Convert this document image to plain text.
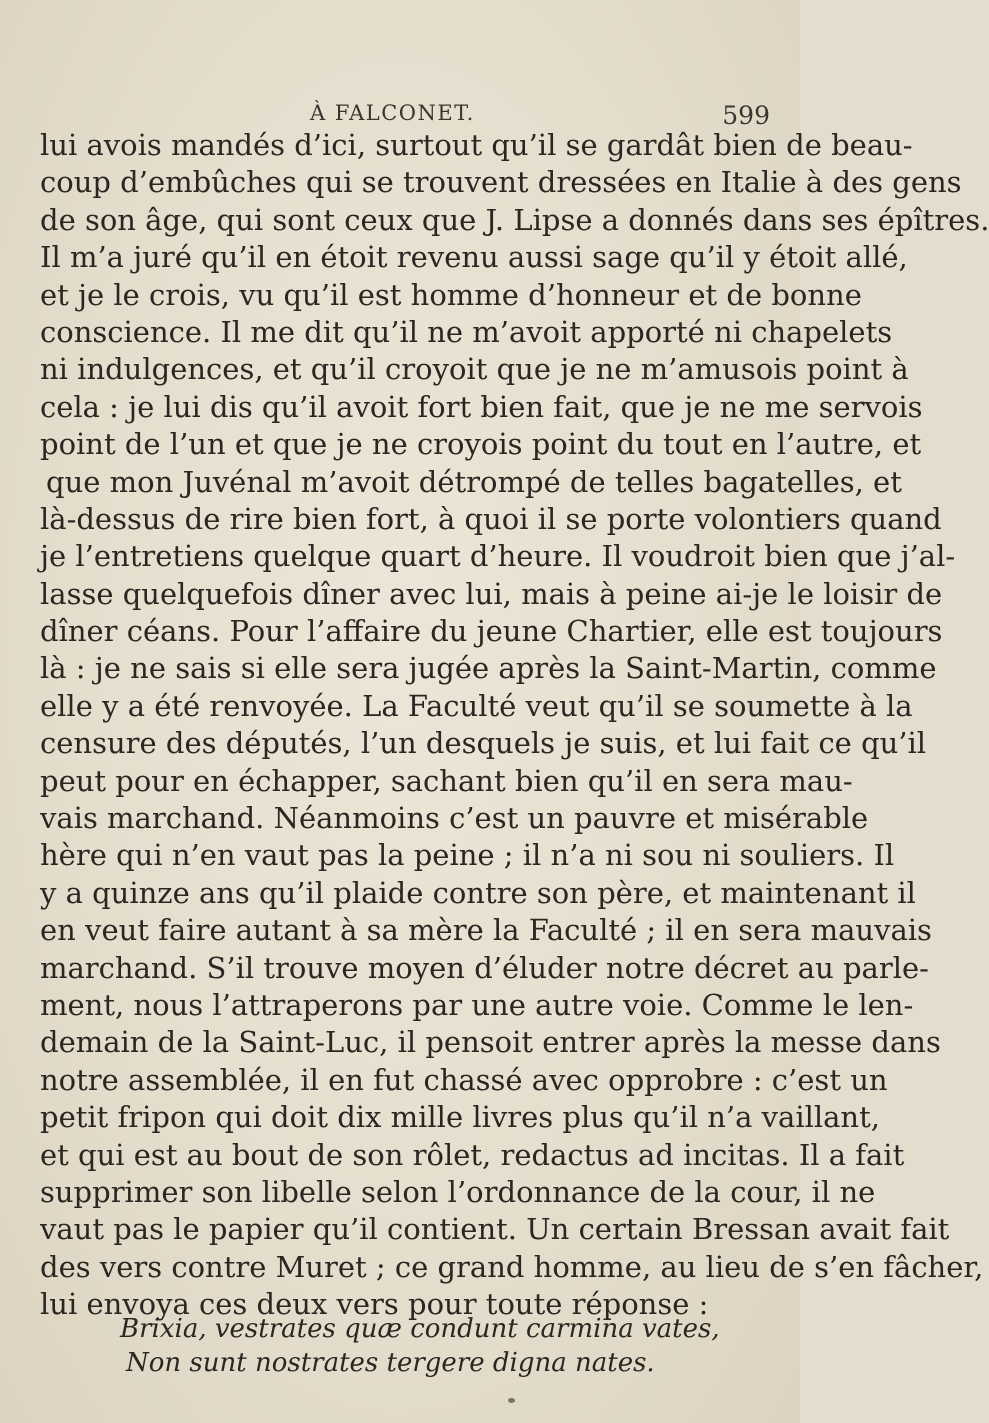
À FALCONET.	599
lui avois mandés d’ici, surtout qu’il se gardât bien de beau-
coup d’embûches qui se trouvent dressées en Italie à des gens
de son âge, qui sont ceux que J. Lipse a donnés dans ses épîtres.
Il m’a juré qu’il en étoit revenu aussi sage qu’il y étoit allé,
et je le crois, vu qu’il est homme d’honneur et de bonne
conscience. Il me dit qu’il ne m’avoit apporté ni chapelets
ni indulgences, et qu’il croyoit que je ne m’amusois point à
cela : je lui dis qu’il avoit fort bien fait, que je ne me servois
point de l’un et que je ne croyois point du tout en l’autre, et
que mon Juvénal m’avoit détrompé de telles bagatelles, et
là-dessus de rire bien fort, à quoi il se porte volontiers quand
je l’entretiens quelque quart d’heure. Il voudroit bien que j’al-
lasse quelquefois dîner avec lui, mais à peine ai-je le loisir de
dîner céans. Pour l’affaire du jeune Chartier, elle est toujours
là : je ne sais si elle sera jugée après la Saint-Martin, comme
elle y a été renvoyée. La Faculté veut qu’il se soumette à la
censure des députés, l’un desquels je suis, et lui fait ce qu’il
peut pour en échapper, sachant bien qu’il en sera mau-
vais marchand. Néanmoins c’est un pauvre et misérable
hère qui n’en vaut pas la peine ; il n’a ni sou ni souliers. Il
y a quinze ans qu’il plaide contre son père, et maintenant il
en veut faire autant à sa mère la Faculté ; il en sera mauvais
marchand. S’il trouve moyen d’éluder notre décret au parle-
ment, nous l’attraperons par une autre voie. Comme le len-
demain de la Saint-Luc, il pensoit entrer après la messe dans
notre assemblée, il en fut chassé avec opprobre : c’est un
petit fripon qui doit dix mille livres plus qu’il n’a vaillant,
et qui est au bout de son rôlet, redactus ad incitas. Il a fait
supprimer son libelle selon l’ordonnance de la cour, il ne
vaut pas le papier qu’il contient. Un certain Bressan avait fait
des vers contre Muret ; ce grand homme, au lieu de s’en fâcher,
lui envoya ces deux vers pour toute réponse :
Brixia, vestrates quæ condunt carmina vates,
Non sunt nostrates tergere digna nates.
